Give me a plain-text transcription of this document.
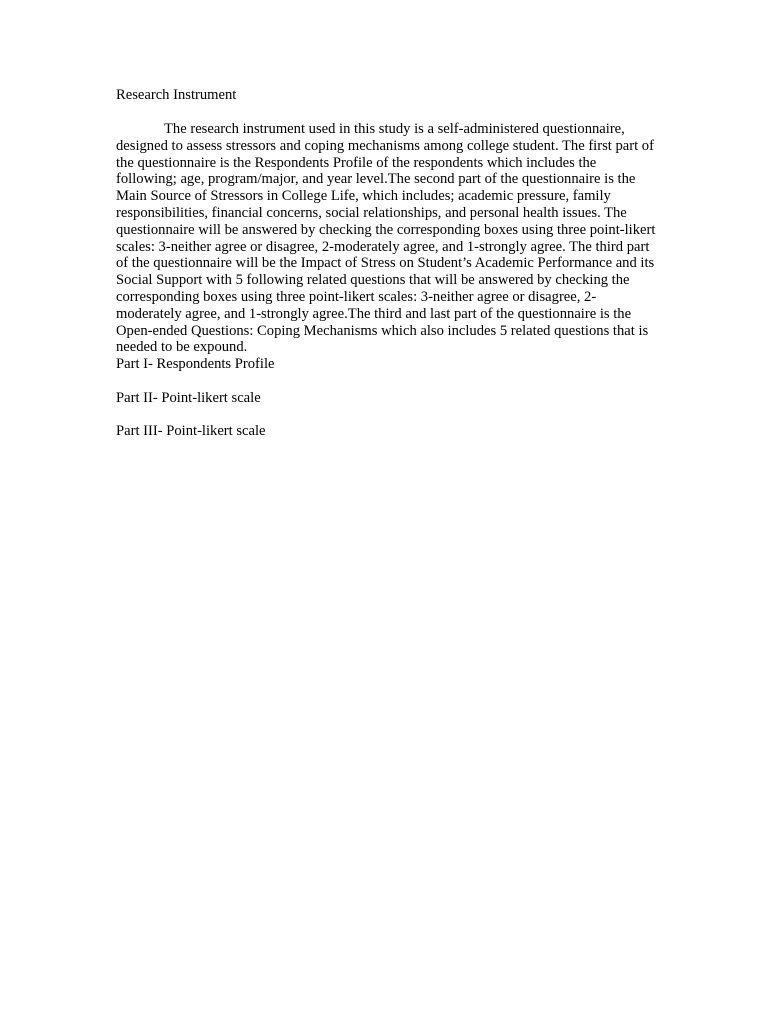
Research Instrument

The research instrument used in this study is a self-administered questionnaire, designed to assess stressors and coping mechanisms among college student. The first part of the questionnaire is the Respondents Profile of the respondents which includes the following; age, program/major, and year level.The second part of the questionnaire is the Main Source of Stressors in College Life, which includes; academic pressure, family responsibilities, financial concerns, social relationships, and personal health issues. The questionnaire will be answered by checking the corresponding boxes using three point-likert scales: 3-neither agree or disagree, 2-moderately agree, and 1-strongly agree. The third part of the questionnaire will be the Impact of Stress on Student’s Academic Performance and its Social Support with 5 following related questions that will be answered by checking the corresponding boxes using three point-likert scales: 3-neither agree or disagree, 2-moderately agree, and 1-strongly agree.The third and last part of the questionnaire is the Open-ended Questions: Coping Mechanisms which also includes 5 related questions that is needed to be expound.

Part I- Respondents Profile

Part II- Point-likert scale

Part III- Point-likert scale
